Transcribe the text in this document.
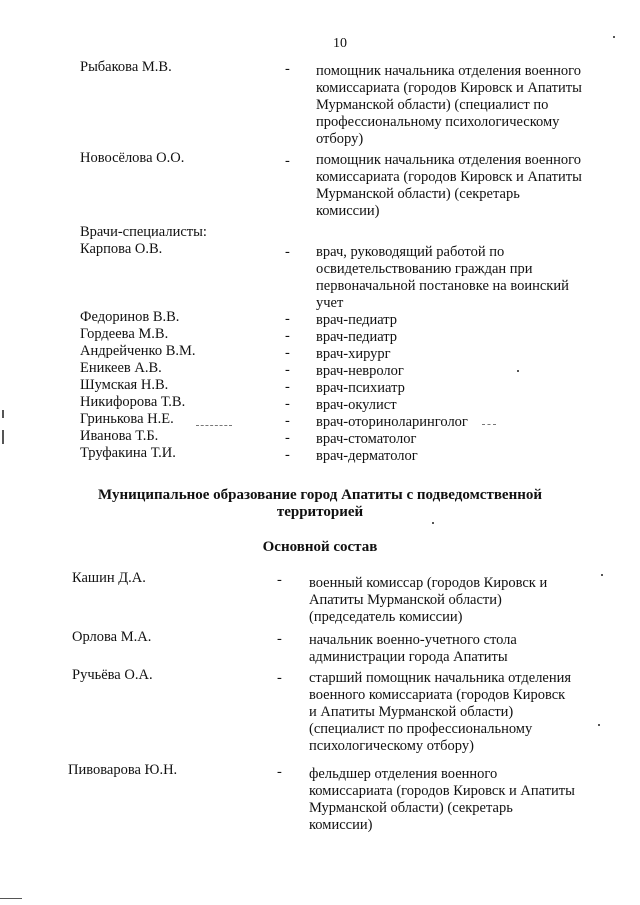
10
Рыбакова М.В.	- помощник начальника отделения военного
комиссариата (городов Кировск и Апатиты
Мурманской области) (специалист по
профессиональному психологическому
отбору)
Новосёлова О.О.	- помощник начальника отделения военного
комиссариата (городов Кировск и Апатиты
Мурманской области) (секретарь
комиссии)
Врачи-специалисты:
Карпова О.В.	- врач, руководящий работой по
освидетельствованию граждан при
первоначальной постановке на воинский
учет
Федоринов В.В.	- врач-педиатр
Гордеева М.В.	- врач-педиатр
Андрейченко В.М.	- врач-хирург
Еникеев А.В.	- врач-невролог
Шумская Н.В.	- врач-психиатр
Никифорова Т.В.	- врач-окулист
Гринькова Н.Е.	- врач-оториноларинголог
Иванова Т.Б.	- врач-стоматолог
Труфакина Т.И.	- врач-дерматолог
Муниципальное образование город Апатиты с подведомственной
территорией
Основной состав
Кашин Д.А.	- военный комиссар (городов Кировск и
Апатиты Мурманской области)
(председатель комиссии)
Орлова М.А.	- начальник военно-учетного стола
администрации города Апатиты
Ручьёва О.А.	- старший помощник начальника отделения
военного комиссариата (городов Кировск
и Апатиты Мурманской области)
(специалист по профессиональному
психологическому отбору)
Пивоварова Ю.Н.	- фельдшер отделения военного
комиссариата (городов Кировск и Апатиты
Мурманской области) (секретарь
комиссии)
